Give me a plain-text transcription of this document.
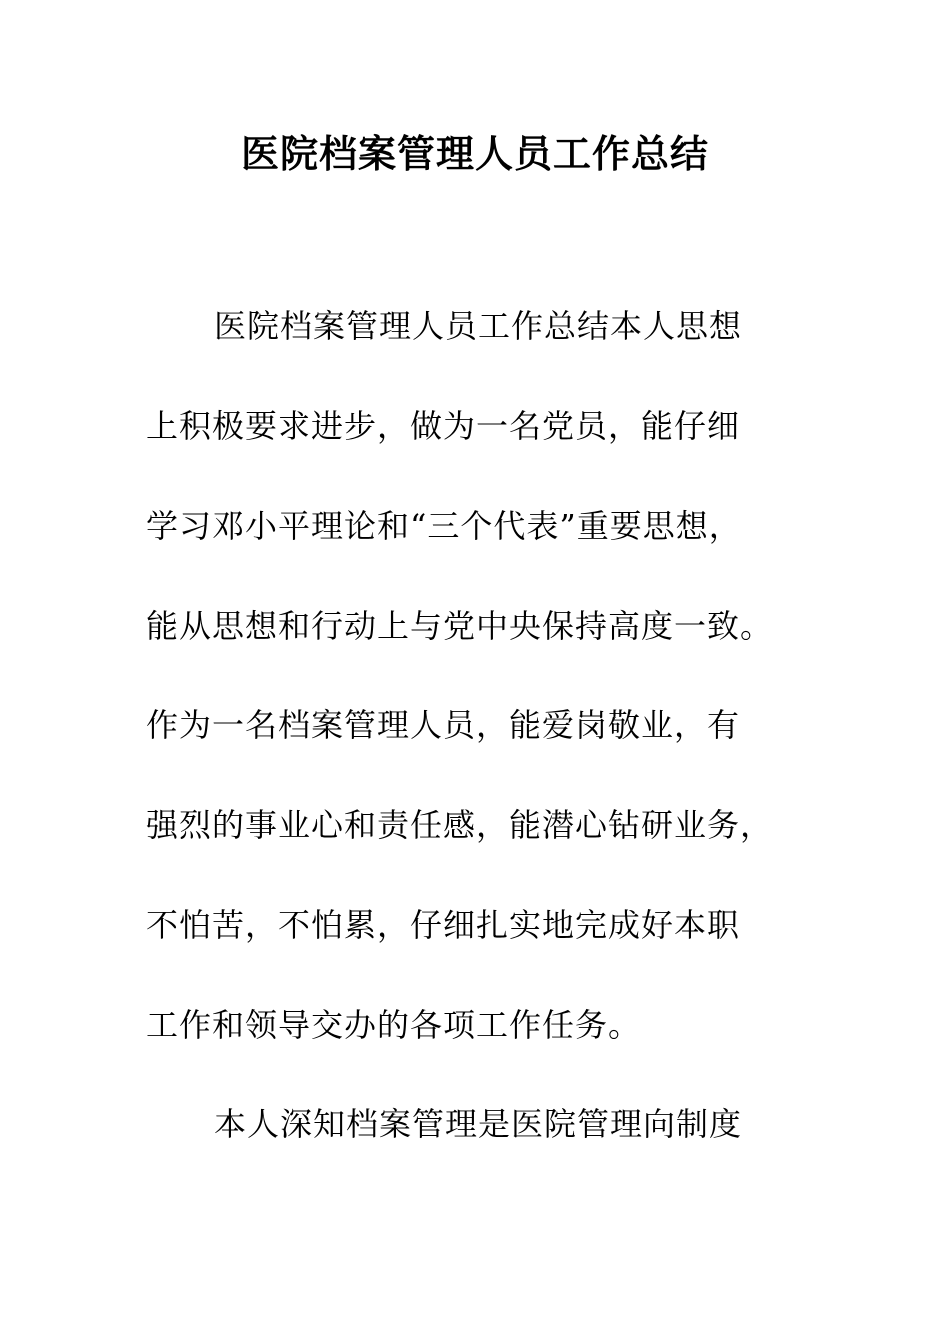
医院档案管理人员工作总结
医院档案管理人员工作总结本人思想
上积极要求进步，做为一名党员，能仔细
学习邓小平理论和“三个代表”重要思想，
能从思想和行动上与党中央保持高度一致。
作为一名档案管理人员，能爱岗敬业，有
强烈的事业心和责任感，能潜心钻研业务，
不怕苦，不怕累，仔细扎实地完成好本职
工作和领导交办的各项工作任务。
本人深知档案管理是医院管理向制度
